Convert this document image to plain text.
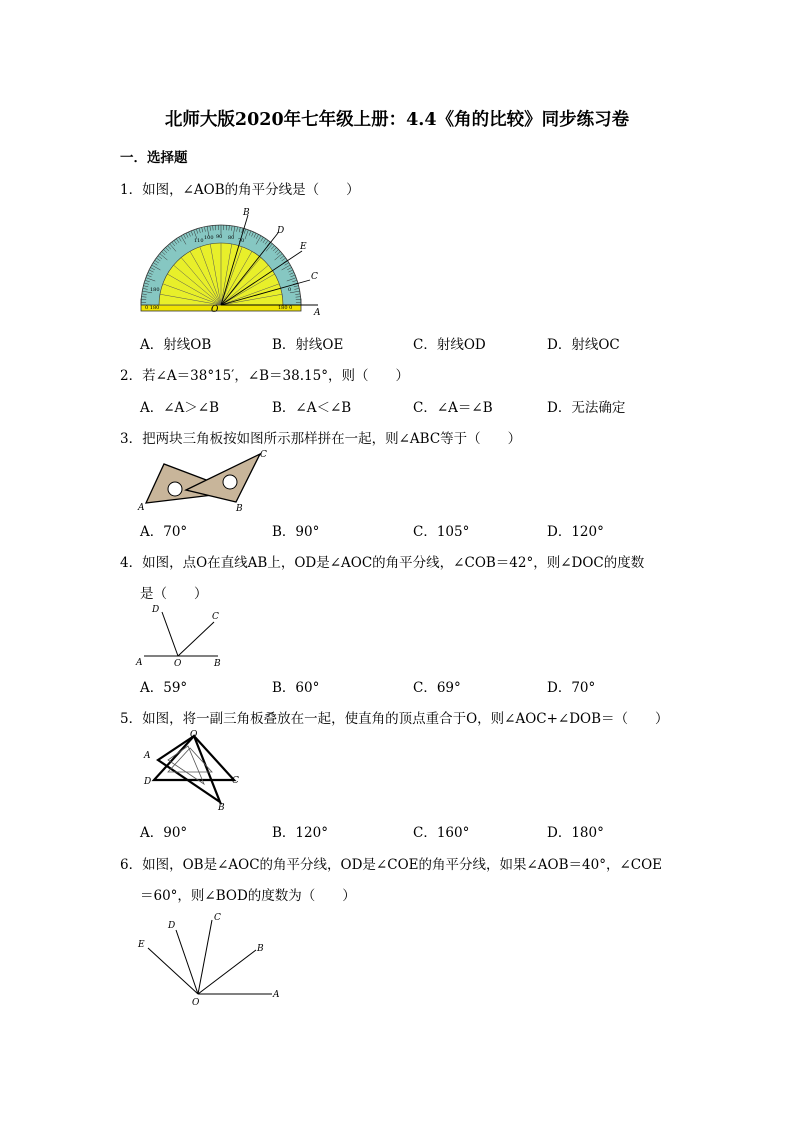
北师大版2020年七年级上册：4.4《角的比较》同步练习卷
一．选择题
1．如图，∠AOB的角平分线是（　　）
180	0
90
100
110	80 70
0 180	180 0
B
D
E
C
O	A
A．射线OB	B．射线OE	C．射线OD	D．射线OC
2．若∠A＝38°15′，∠B＝38.15°，则（　　）
A．∠A＞∠B	B．∠A＜∠B	C．∠A＝∠B	D．无法确定
3．把两块三角板按如图所示那样拼在一起，则∠ABC等于（　　）
C
A	B
A．70°	B．90°	C．105°	D．120°
4．如图，点O在直线AB上，OD是∠AOC的角平分线，∠COB＝42°，则∠DOC的度数
是（　　）
D
C
A	O	B
A．59°	B．60°	C．69°	D．70°
5．如图，将一副三角板叠放在一起，使直角的顶点重合于O，则∠AOC+∠DOB＝（　　）
O
A
D	C
B
A．90°	B．120°	C．160°	D．180°
6．如图，OB是∠AOC的角平分线，OD是∠COE的角平分线，如果∠AOB＝40°，∠COE
＝60°，则∠BOD的度数为（　　）
C
D
E	B
O
A
